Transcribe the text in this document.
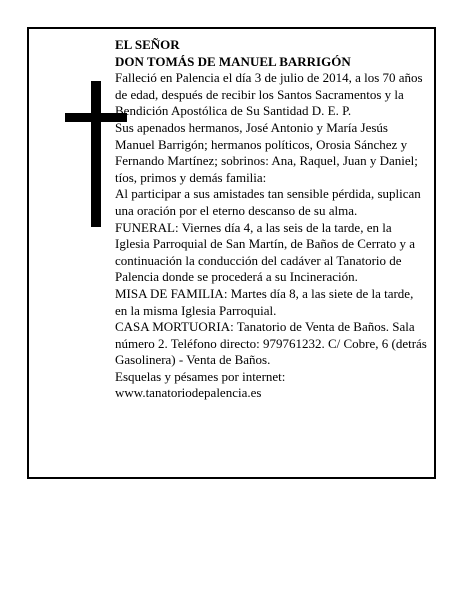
EL SEÑOR

DON TOMÁS DE MANUEL BARRIGÓN

Falleció en Palencia el día 3 de julio de 2014, a los 70 años de edad, después de recibir los Santos Sacramentos y la Bendición Apostólica de Su Santidad D. E. P.

Sus apenados hermanos, José Antonio y María Jesús Manuel Barrigón; hermanos políticos, Orosia Sánchez y Fernando Martínez; sobrinos: Ana, Raquel, Juan y Daniel; tíos, primos y demás familia:

Al participar a sus amistades tan sensible pérdida, suplican una oración por el eterno descanso de su alma.

FUNERAL: Viernes día 4, a las seis de la tarde, en la Iglesia Parroquial de San Martín, de Baños de Cerrato y a continuación la conducción del cadáver al Tanatorio de Palencia donde se procederá a su Incineración.

MISA DE FAMILIA: Martes día 8, a las siete de la tarde, en la misma Iglesia Parroquial.

CASA MORTUORIA: Tanatorio de Venta de Baños. Sala número 2. Teléfono directo: 979761232. C/ Cobre, 6 (detrás Gasolinera) - Venta de Baños.

Esquelas y pésames por internet: www.tanatoriodepalencia.es
